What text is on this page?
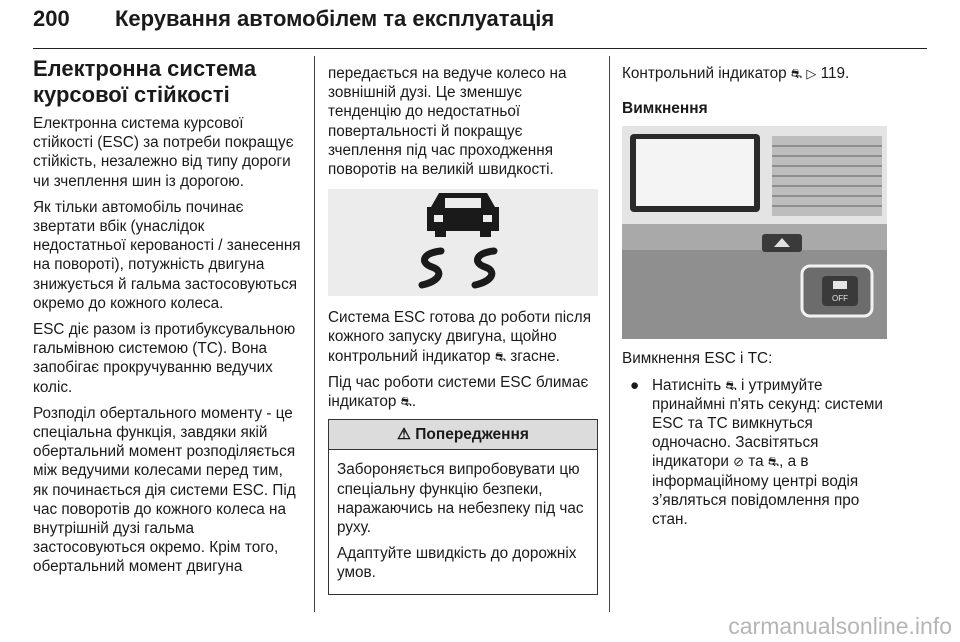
200 Керування автомобілем та експлуатація
Електронна система курсової стійкості

Електронна система курсової стійкості (ESC) за потреби покращує стійкість, незалежно від типу дороги чи зчеплення шин із дорогою.

Як тільки автомобіль починає звертати вбік (унаслідок недостатньої керованості / занесення на повороті), потужність двигуна знижується й гальма застосовуються окремо до кожного колеса.

ESC діє разом із протибуксувальною гальмівною системою (TC). Вона запобігає прокручуванню ведучих коліс.

Розподіл обертального моменту - це спеціальна функція, завдяки якій обертальний момент розподіляється між ведучими колесами перед тим, як починається дія системи ESC. Під час поворотів до кожного колеса на внутрішній дузі гальма застосовуються окремо. Крім того, обертальний момент двигуна

передається на ведуче колесо на зовнішній дузі. Це зменшує тенденцію до недостатньої повертальності й покращує зчеплення під час проходження поворотів на великій швидкості.

Система ESC готова до роботи після кожного запуску двигуна, щойно контрольний індикатор ⛐ згасне.

Під час роботи системи ESC блимає індикатор ⛐.

⚠ Попередження

Забороняється випробовувати цю спеціальну функцію безпеки, наражаючись на небезпеку під час руху.

Адаптуйте швидкість до дорожніх умов.

Контрольний індикатор ⛐ ▷ 119.

Вимкнення
OFF

Вимкнення ESC і TC:

● Натисніть ⛐ і утримуйте принаймні п'ять секунд: системи ESC та TC вимкнуться одночасно. Засвітяться індикатори ⊘ та ⛐, а в інформаційному центрі водія з’являться повідомлення про стан.
carmanualsonline.info
